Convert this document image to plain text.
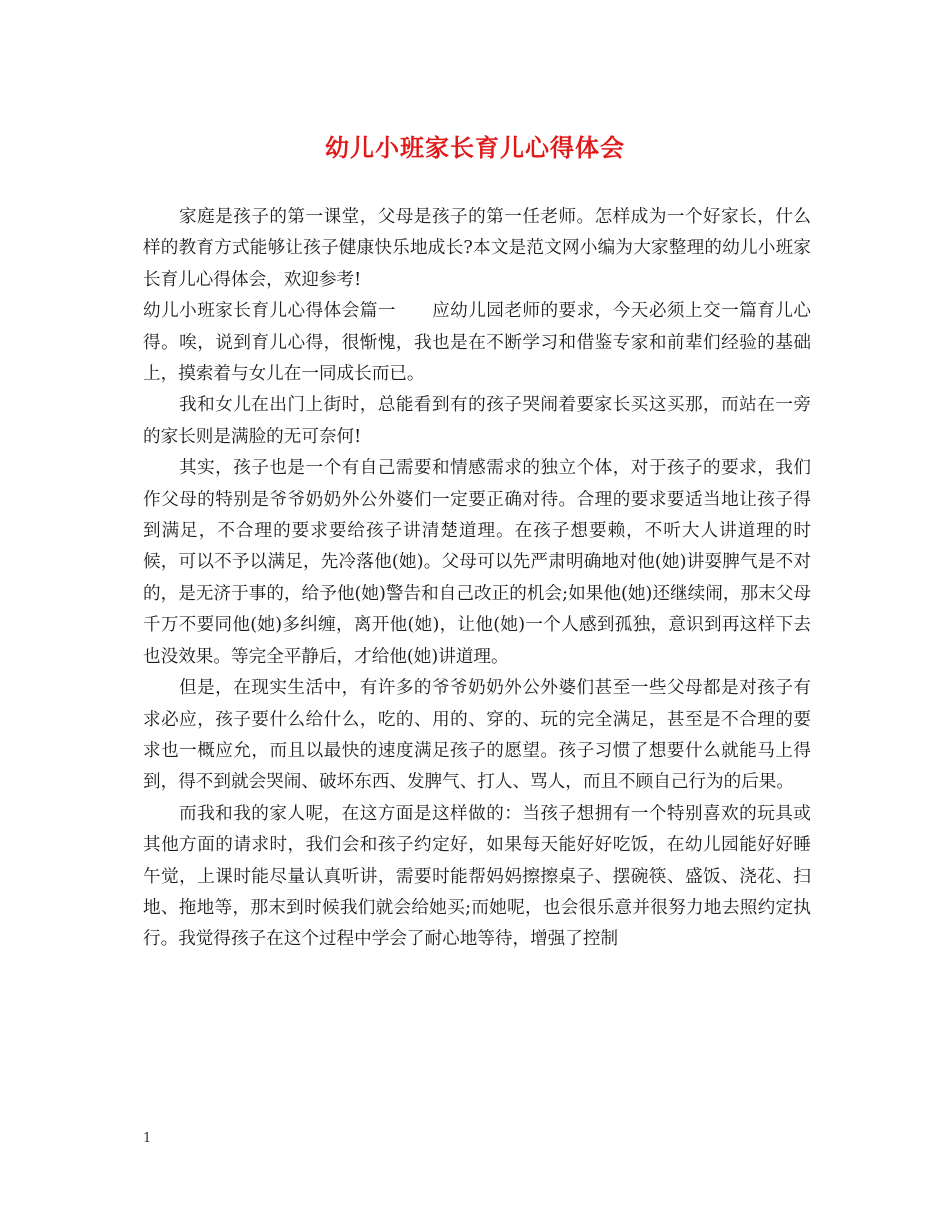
幼儿小班家长育儿心得体会

家庭是孩子的第一课堂，父母是孩子的第一任老师。怎样成为一个好家长，什么样的教育方式能够让孩子健康快乐地成长?本文是范文网小编为大家整理的幼儿小班家长育儿心得体会，欢迎参考!

幼儿小班家长育儿心得体会篇一　　应幼儿园老师的要求，今天必须上交一篇育儿心得。唉，说到育儿心得，很惭愧，我也是在不断学习和借鉴专家和前辈们经验的基础上，摸索着与女儿在一同成长而已。

我和女儿在出门上街时，总能看到有的孩子哭闹着要家长买这买那，而站在一旁的家长则是满脸的无可奈何!

其实，孩子也是一个有自己需要和情感需求的独立个体，对于孩子的要求，我们作父母的特别是爷爷奶奶外公外婆们一定要正确对待。合理的要求要适当地让孩子得到满足，不合理的要求要给孩子讲清楚道理。在孩子想要赖，不听大人讲道理的时候，可以不予以满足，先冷落他(她)。父母可以先严肃明确地对他(她)讲耍脾气是不对的，是无济于事的，给予他(她)警告和自己改正的机会;如果他(她)还继续闹，那末父母千万不要同他(她)多纠缠，离开他(她)，让他(她)一个人感到孤独，意识到再这样下去也没效果。等完全平静后，才给他(她)讲道理。

但是，在现实生活中，有许多的爷爷奶奶外公外婆们甚至一些父母都是对孩子有求必应，孩子要什么给什么，吃的、用的、穿的、玩的完全满足，甚至是不合理的要求也一概应允，而且以最快的速度满足孩子的愿望。孩子习惯了想要什么就能马上得到，得不到就会哭闹、破坏东西、发脾气、打人、骂人，而且不顾自己行为的后果。

而我和我的家人呢，在这方面是这样做的：当孩子想拥有一个特别喜欢的玩具或其他方面的请求时，我们会和孩子约定好，如果每天能好好吃饭，在幼儿园能好好睡午觉，上课时能尽量认真听讲，需要时能帮妈妈擦擦桌子、摆碗筷、盛饭、浇花、扫地、拖地等，那末到时候我们就会给她买;而她呢，也会很乐意并很努力地去照约定执行。我觉得孩子在这个过程中学会了耐心地等待，增强了控制

1
